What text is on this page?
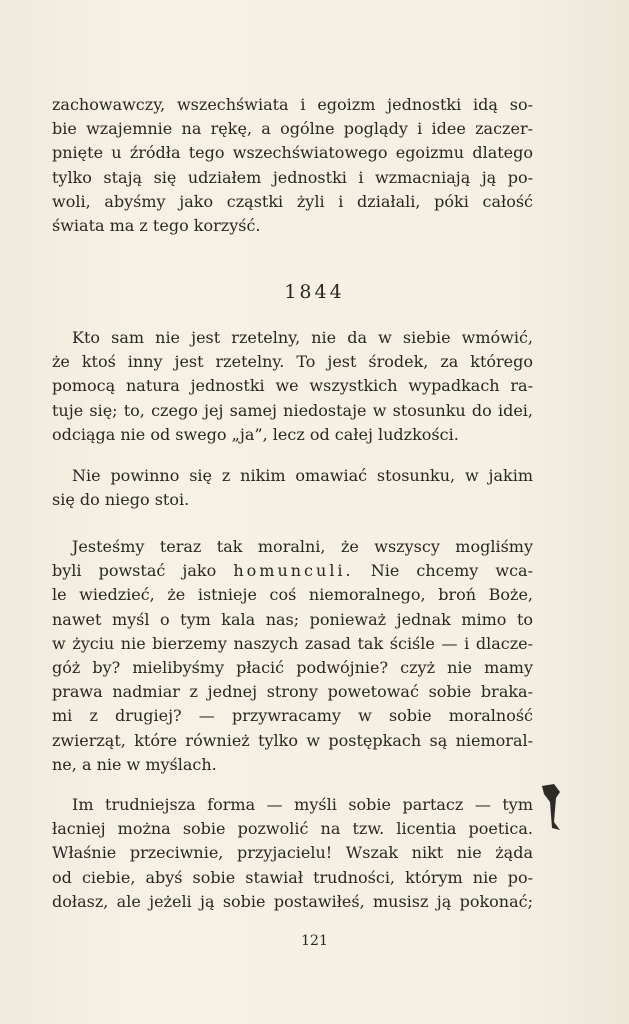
zachowawczy, wszechświata i egoizm jednostki idą so-
bie wzajemnie na rękę, a ogólne poglądy i idee zaczer-
pnięte u źródła tego wszechświatowego egoizmu dlatego
tylko stają się udziałem jednostki i wzmacniają ją po-
woli, abyśmy jako cząstki żyli i działali, póki całość
świata ma z tego korzyść.
1844
Kto sam nie jest rzetelny, nie da w siebie wmówić,
że ktoś inny jest rzetelny. To jest środek, za którego
pomocą natura jednostki we wszystkich wypadkach ra-
tuje się; to, czego jej samej niedostaje w stosunku do idei,
odciąga nie od swego „ja”, lecz od całej ludzkości.
Nie powinno się z nikim omawiać stosunku, w jakim
się do niego stoi.
Jesteśmy teraz tak moralni, że wszyscy mogliśmy
byli powstać jako homunculi. Nie chcemy wca-
le wiedzieć, że istnieje coś niemoralnego, broń Boże,
nawet myśl o tym kala nas; ponieważ jednak mimo to
w życiu nie bierzemy naszych zasad tak ściśle — i dlacze-
góż by? mielibyśmy płacić podwójnie? czyż nie mamy
prawa nadmiar z jednej strony powetować sobie braka-
mi z drugiej? — przywracamy w sobie moralność
zwierząt, które również tylko w postępkach są niemoral-
ne, a nie w myślach.
Im trudniejsza forma — myśli sobie partacz — tym
łacniej można sobie pozwolić na tzw. licentia poetica.
Właśnie przeciwnie, przyjacielu! Wszak nikt nie żąda
od ciebie, abyś sobie stawiał trudności, którym nie po-
dołasz, ale jeżeli ją sobie postawiłeś, musisz ją pokonać;
121
